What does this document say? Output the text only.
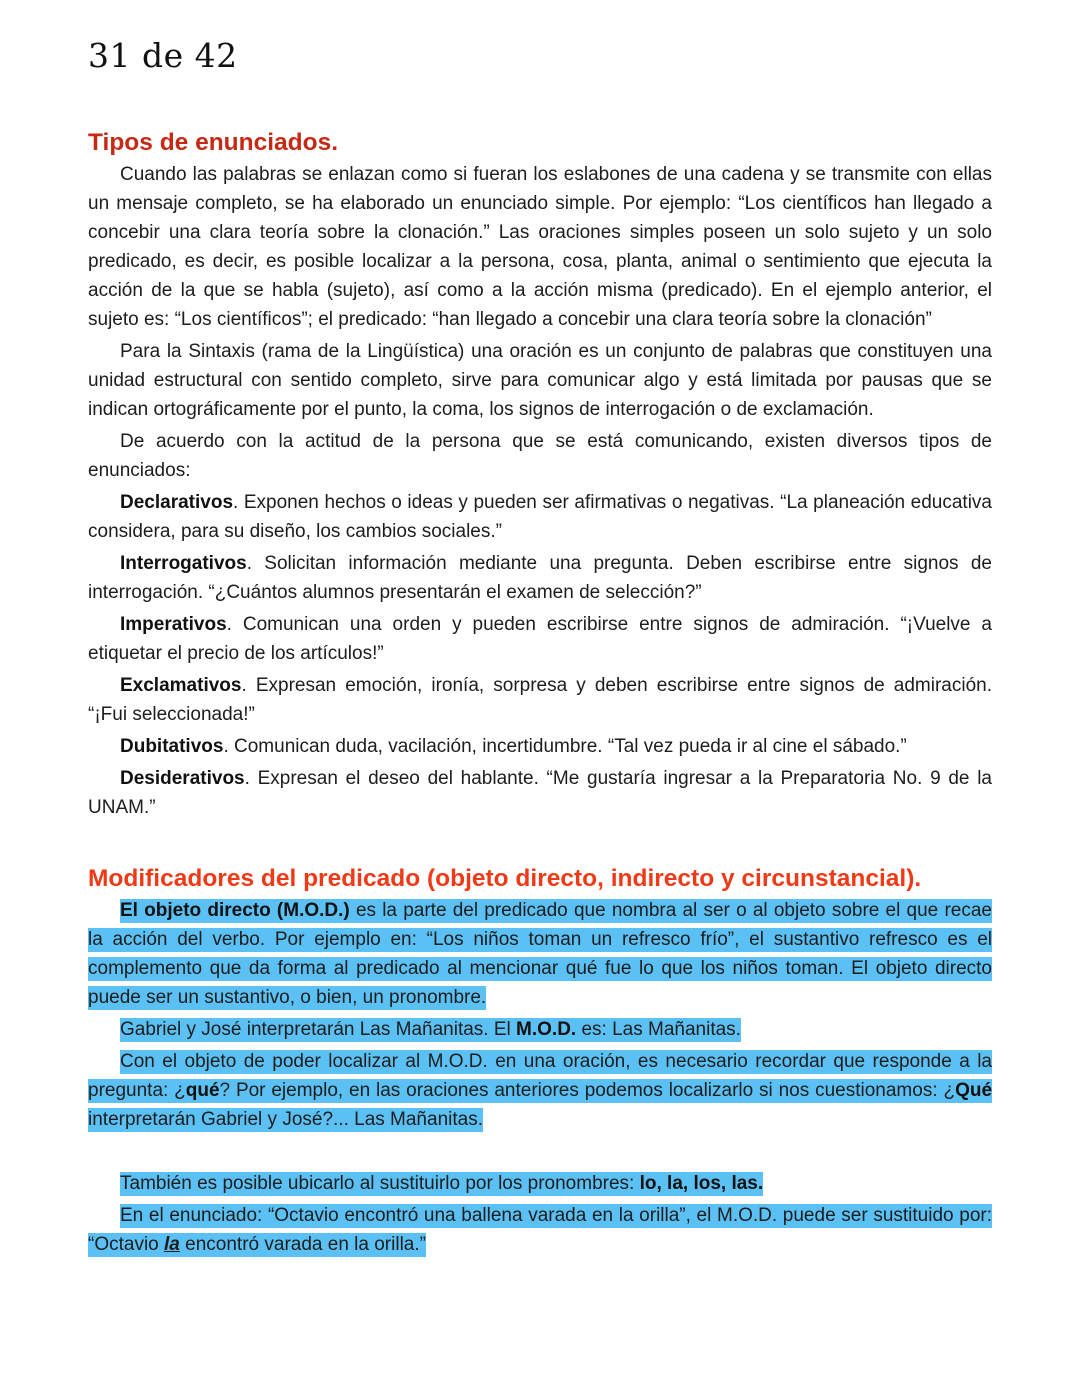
31 de 42
Tipos de enunciados.

Cuando las palabras se enlazan como si fueran los eslabones de una cadena y se transmite con ellas un mensaje completo, se ha elaborado un enunciado simple. Por ejemplo: “Los científicos han llegado a concebir una clara teoría sobre la clonación.” Las oraciones simples poseen un solo sujeto y un solo predicado, es decir, es posible localizar a la persona, cosa, planta, animal o sentimiento que ejecuta la acción de la que se habla (sujeto), así como a la acción misma (predicado). En el ejemplo anterior, el sujeto es: “Los científicos”; el predicado: “han llegado a concebir una clara teoría sobre la clonación”

Para la Sintaxis (rama de la Lingüística) una oración es un conjunto de palabras que constituyen una unidad estructural con sentido completo, sirve para comunicar algo y está limitada por pausas que se indican ortográficamente por el punto, la coma, los signos de interrogación o de exclamación.

De acuerdo con la actitud de la persona que se está comunicando, existen diversos tipos de enunciados:

Declarativos. Exponen hechos o ideas y pueden ser afirmativas o negativas. “La planeación educativa considera, para su diseño, los cambios sociales.”

Interrogativos. Solicitan información mediante una pregunta. Deben escribirse entre signos de interrogación. “¿Cuántos alumnos presentarán el examen de selección?”

Imperativos. Comunican una orden y pueden escribirse entre signos de admiración. “¡Vuelve a etiquetar el precio de los artículos!”

Exclamativos. Expresan emoción, ironía, sorpresa y deben escribirse entre signos de admiración. “¡Fui seleccionada!”

Dubitativos. Comunican duda, vacilación, incertidumbre. “Tal vez pueda ir al cine el sábado.”

Desiderativos. Expresan el deseo del hablante. “Me gustaría ingresar a la Preparatoria No. 9 de la UNAM.”

Modificadores del predicado (objeto directo, indirecto y circunstancial).

El objeto directo (M.O.D.) es la parte del predicado que nombra al ser o al objeto sobre el que recae la acción del verbo. Por ejemplo en: “Los niños toman un refresco frío”, el sustantivo refresco es el complemento que da forma al predicado al mencionar qué fue lo que los niños toman. El objeto directo puede ser un sustantivo, o bien, un pronombre.

Gabriel y José interpretarán Las Mañanitas. El M.O.D. es: Las Mañanitas.

Con el objeto de poder localizar al M.O.D. en una oración, es necesario recordar que responde a la pregunta: ¿qué? Por ejemplo, en las oraciones anteriores podemos localizarlo si nos cuestionamos: ¿Qué interpretarán Gabriel y José?... Las Mañanitas.

También es posible ubicarlo al sustituirlo por los pronombres: lo, la, los, las.

En el enunciado: “Octavio encontró una ballena varada en la orilla”, el M.O.D. puede ser sustituido por: “Octavio la encontró varada en la orilla.”
